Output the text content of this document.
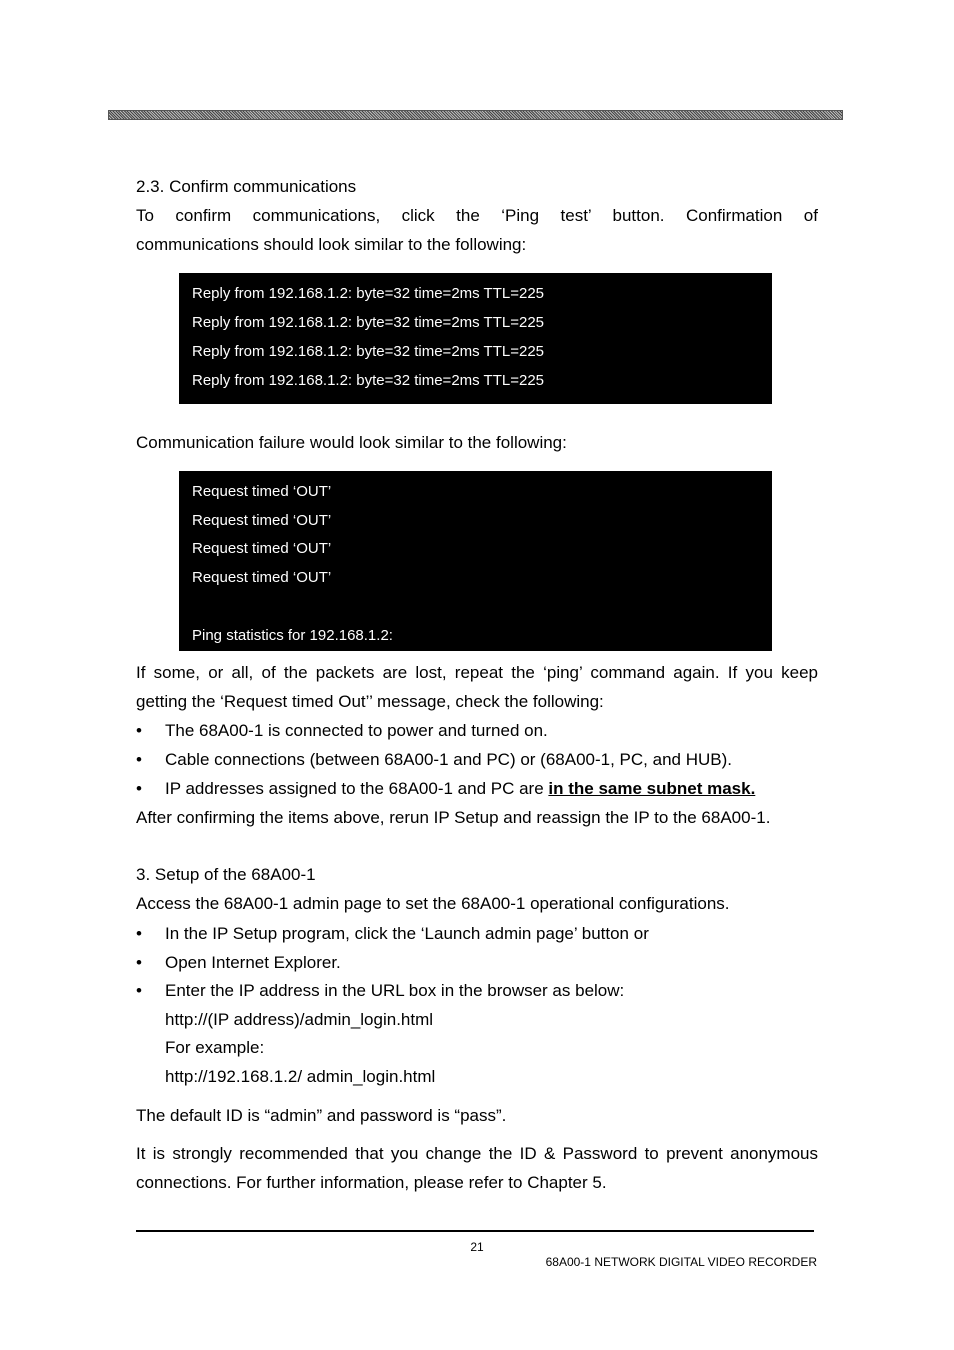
2.3. Confirm communications
To confirm communications, click the ‘Ping test’ button. Confirmation of
communications should look similar to the following:
Reply from 192.168.1.2: byte=32 time=2ms TTL=225
Reply from 192.168.1.2: byte=32 time=2ms TTL=225
Reply from 192.168.1.2: byte=32 time=2ms TTL=225
Reply from 192.168.1.2: byte=32 time=2ms TTL=225
Communication failure would look similar to the following:
Request timed ‘OUT’
Request timed ‘OUT’
Request timed ‘OUT’
Request timed ‘OUT’
Ping statistics for 192.168.1.2:
If some, or all, of the packets are lost, repeat the ‘ping’ command again. If you keep
getting the ‘Request timed Out’’ message, check the following:
•	The 68A00-1 is connected to power and turned on.
•	Cable connections (between 68A00-1 and PC) or (68A00-1, PC, and HUB).
•	IP addresses assigned to the 68A00-1 and PC are in the same subnet mask.
After confirming the items above, rerun IP Setup and reassign the IP to the 68A00-1.
3. Setup of the 68A00-1
Access the 68A00-1 admin page to set the 68A00-1 operational configurations.
•	In the IP Setup program, click the ‘Launch admin page’ button or
•	Open Internet Explorer.
•	Enter the IP address in the URL box in the browser as below:
http://(IP address)/admin_login.html
For example:
http://192.168.1.2/ admin_login.html
The default ID is “admin” and password is “pass”.
It is strongly recommended that you change the ID & Password to prevent anonymous
connections. For further information, please refer to Chapter 5.
21
68A00-1 NETWORK DIGITAL VIDEO RECORDER
